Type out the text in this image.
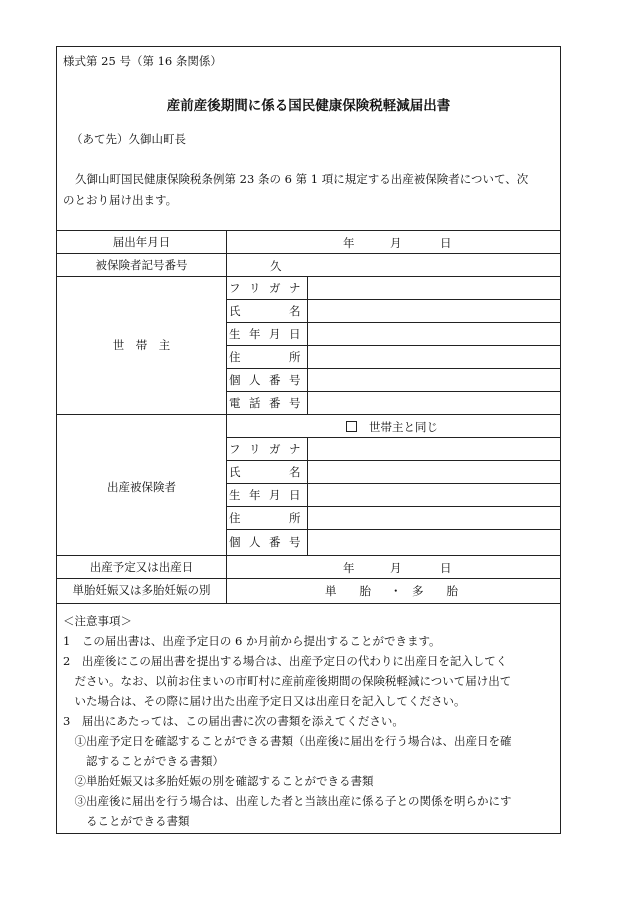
様式第 25 号（第 16 条関係）
産前産後期間に係る国民健康保険税軽減届出書
（あて先）久御山町長
久御山町国民健康保険税条例第 23 条の 6 第 1 項に規定する出産被保険者について、次
のとおり届け出ます。
届出年月日	年	月	日
被保険者記号番号	久
世　帯　主
フ リ ガ ナ
氏	名
生 年 月 日
住	所
個 人 番 号
電 話 番 号
出産被保険者
世帯主と同じ
フ リ ガ ナ
氏	名
生 年 月 日
住	所
個 人 番 号
出産予定又は出産日	年	月	日
単胎妊娠又は多胎妊娠の別	単　　胎 ・ 多　　胎
＜注意事項＞
1　この届出書は、出産予定日の 6 か月前から提出することができます。
2　出産後にこの届出書を提出する場合は、出産予定日の代わりに出産日を記入してく
　ださい。なお、以前お住まいの市町村に産前産後期間の保険税軽減について届け出て
　いた場合は、その際に届け出た出産予定日又は出産日を記入してください。
3　届出にあたっては、この届出書に次の書類を添えてください。
　①出産予定日を確認することができる書類（出産後に届出を行う場合は、出産日を確
　　認することができる書類）
　②単胎妊娠又は多胎妊娠の別を確認することができる書類
　③出産後に届出を行う場合は、出産した者と当該出産に係る子との関係を明らかにす
　　ることができる書類
